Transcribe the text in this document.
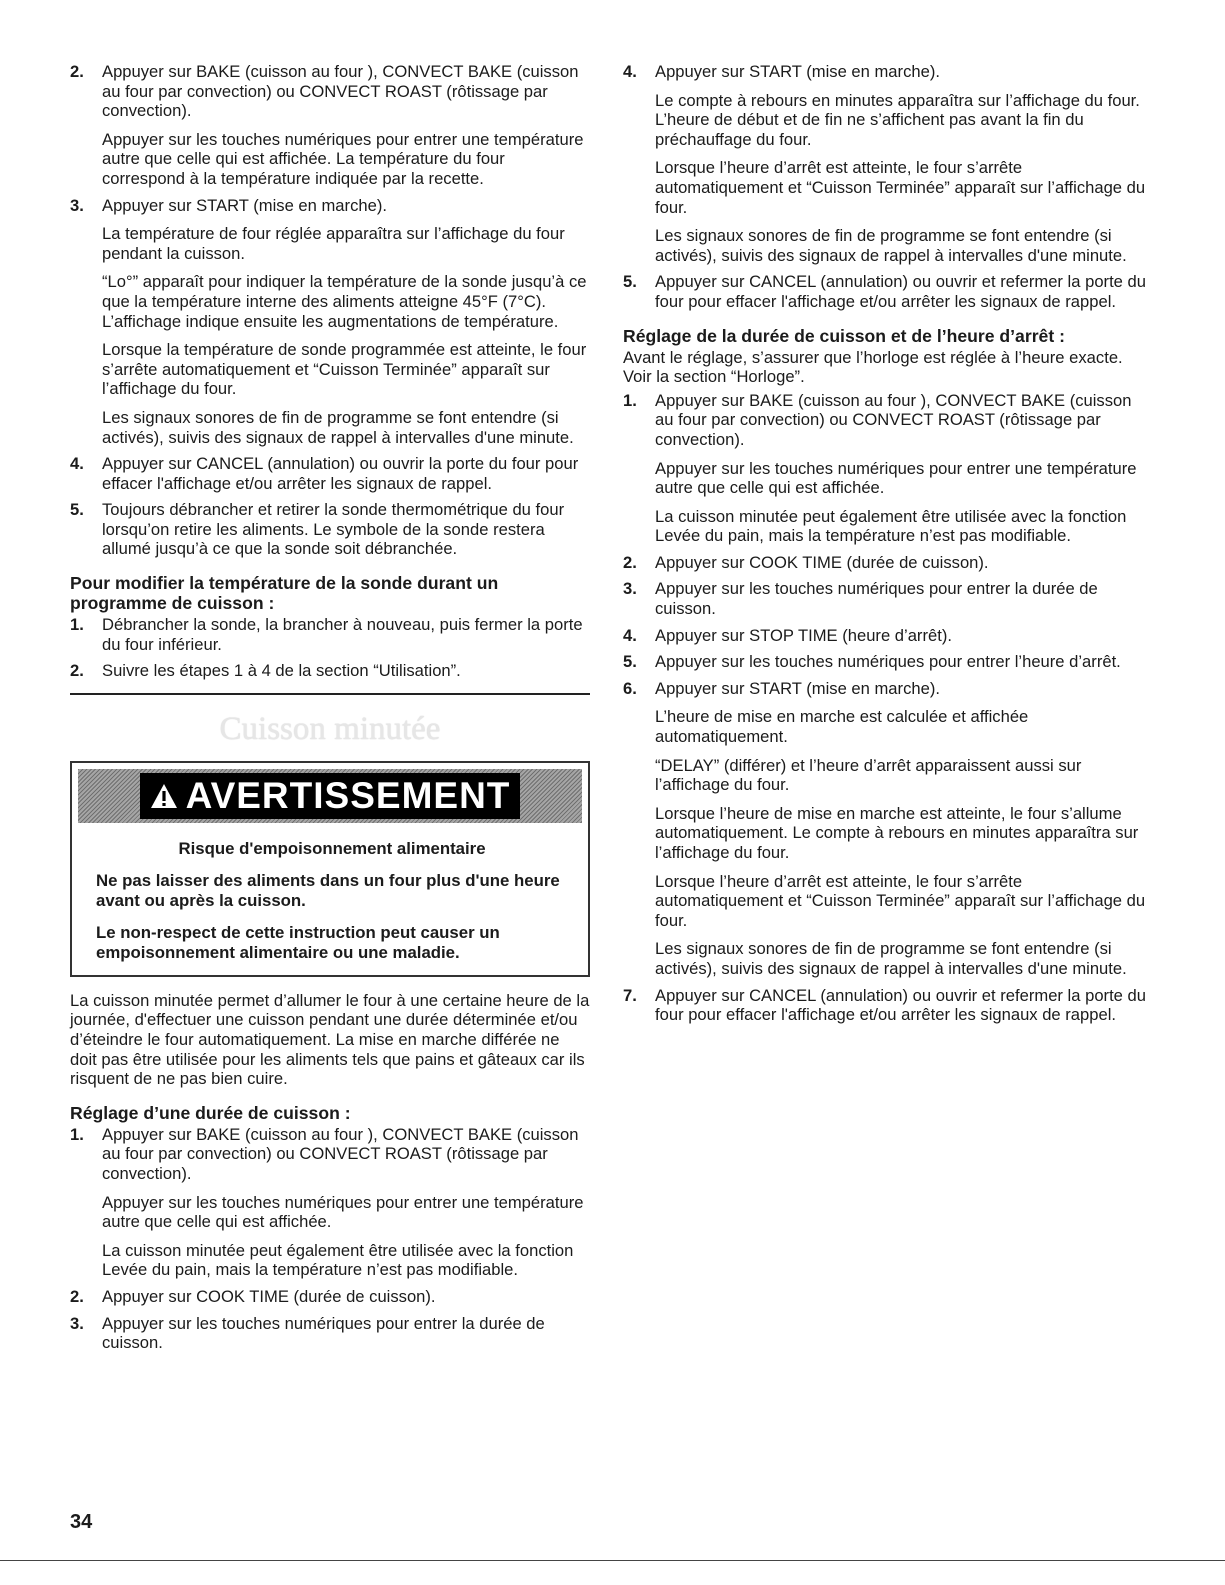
2. Appuyer sur BAKE (cuisson au four ), CONVECT BAKE (cuisson au four par convection) ou CONVECT ROAST (rôtissage par convection).

Appuyer sur les touches numériques pour entrer une température autre que celle qui est affichée. La température du four correspond à la température indiquée par la recette.

3. Appuyer sur START (mise en marche).

La température de four réglée apparaîtra sur l’affichage du four pendant la cuisson.

“Lo°” apparaît pour indiquer la température de la sonde jusqu’à ce que la température interne des aliments atteigne 45°F (7°C). L’affichage indique ensuite les augmentations de température.

Lorsque la température de sonde programmée est atteinte, le four s’arrête automatiquement et “Cuisson Terminée” apparaît sur l’affichage du four.

Les signaux sonores de fin de programme se font entendre (si activés), suivis des signaux de rappel à intervalles d'une minute.

4. Appuyer sur CANCEL (annulation) ou ouvrir la porte du four pour effacer l'affichage et/ou arrêter les signaux de rappel.

5. Toujours débrancher et retirer la sonde thermométrique du four lorsqu’on retire les aliments. Le symbole de la sonde restera allumé jusqu’à ce que la sonde soit débranchée.

Pour modifier la température de la sonde durant un programme de cuisson :
1. Débrancher la sonde, la brancher à nouveau, puis fermer la porte du four inférieur.

2. Suivre les étapes 1 à 4 de la section “Utilisation”.

Cuisson minutée
AVERTISSEMENT
Risque d'empoisonnement alimentaire
Ne pas laisser des aliments dans un four plus d'une heure avant ou après la cuisson.
Le non-respect de cette instruction peut causer un empoisonnement alimentaire ou une maladie.

La cuisson minutée permet d’allumer le four à une certaine heure de la journée, d'effectuer une cuisson pendant une durée déterminée et/ou d’éteindre le four automatiquement. La mise en marche différée ne doit pas être utilisée pour les aliments tels que pains et gâteaux car ils risquent de ne pas bien cuire.

Réglage d’une durée de cuisson :
1. Appuyer sur BAKE (cuisson au four ), CONVECT BAKE (cuisson au four par convection) ou CONVECT ROAST (rôtissage par convection).

Appuyer sur les touches numériques pour entrer une température autre que celle qui est affichée.

La cuisson minutée peut également être utilisée avec la fonction Levée du pain, mais la température n’est pas modifiable.

2. Appuyer sur COOK TIME (durée de cuisson).

3. Appuyer sur les touches numériques pour entrer la durée de cuisson.

4. Appuyer sur START (mise en marche).

Le compte à rebours en minutes apparaîtra sur l’affichage du four. L’heure de début et de fin ne s’affichent pas avant la fin du préchauffage du four.

Lorsque l’heure d’arrêt est atteinte, le four s’arrête automatiquement et “Cuisson Terminée” apparaît sur l’affichage du four.

Les signaux sonores de fin de programme se font entendre (si activés), suivis des signaux de rappel à intervalles d'une minute.

5. Appuyer sur CANCEL (annulation) ou ouvrir et refermer la porte du four pour effacer l'affichage et/ou arrêter les signaux de rappel.

Réglage de la durée de cuisson et de l’heure d’arrêt :

Avant le réglage, s’assurer que l’horloge est réglée à l’heure exacte. Voir la section “Horloge”.

1. Appuyer sur BAKE (cuisson au four ), CONVECT BAKE (cuisson au four par convection) ou CONVECT ROAST (rôtissage par convection).

Appuyer sur les touches numériques pour entrer une température autre que celle qui est affichée.

La cuisson minutée peut également être utilisée avec la fonction Levée du pain, mais la température n’est pas modifiable.

2. Appuyer sur COOK TIME (durée de cuisson).

3. Appuyer sur les touches numériques pour entrer la durée de cuisson.

4. Appuyer sur STOP TIME (heure d’arrêt).

5. Appuyer sur les touches numériques pour entrer l’heure d’arrêt.

6. Appuyer sur START (mise en marche).

L’heure de mise en marche est calculée et affichée automatiquement.

“DELAY” (différer) et l’heure d’arrêt apparaissent aussi sur l’affichage du four.

Lorsque l’heure de mise en marche est atteinte, le four s’allume automatiquement. Le compte à rebours en minutes apparaîtra sur l’affichage du four.

Lorsque l’heure d’arrêt est atteinte, le four s’arrête automatiquement et “Cuisson Terminée” apparaît sur l’affichage du four.

Les signaux sonores de fin de programme se font entendre (si activés), suivis des signaux de rappel à intervalles d'une minute.

7. Appuyer sur CANCEL (annulation) ou ouvrir et refermer la porte du four pour effacer l'affichage et/ou arrêter les signaux de rappel.

34
